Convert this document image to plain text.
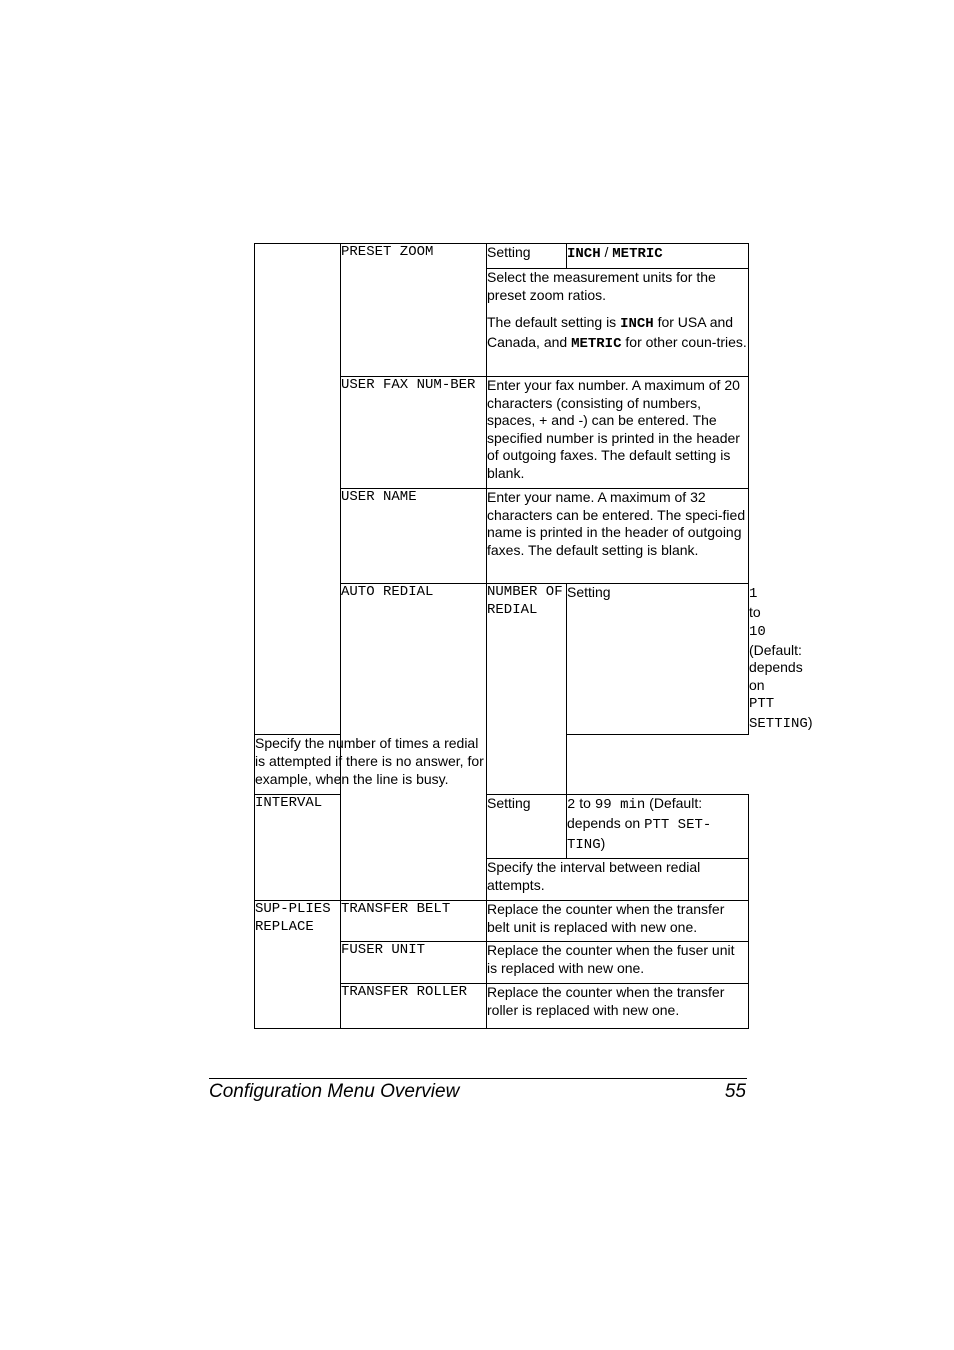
	PRESET ZOOM	Setting	INCH / METRIC	

		Select the measurement units for the preset zoom ratios.

The default setting is INCH for USA and Canada, and METRIC for other coun-tries.		

	USER FAX NUM-BER	Enter your fax number. A maximum of 20 characters (consisting of numbers, spaces, + and -) can be entered. The specified number is printed in the header of outgoing faxes. The default setting is blank.		
	USER NAME	Enter your name. A maximum of 32 characters can be entered. The speci-fied name is printed in the header of outgoing faxes. The default setting is blank.		
	AUTO REDIAL	NUMBER OF REDIAL	Setting	1 to 10 (Default: depends on PTT SETTING)
Specify the number of times a redial is attempted if there is no answer, for example, when the line is busy.				
INTERVAL		Setting	2 to 99 min (Default: depends on PTT SET-TING)	
		Specify the interval between redial attempts.		
SUP-PLIES REPLACE	TRANSFER BELT	Replace the counter when the transfer belt unit is replaced with new one.		
	FUSER UNIT	Replace the counter when the fuser unit is replaced with new one.		
	TRANSFER ROLLER	Replace the counter when the transfer roller is replaced with new one.		
Configuration Menu Overview	55
